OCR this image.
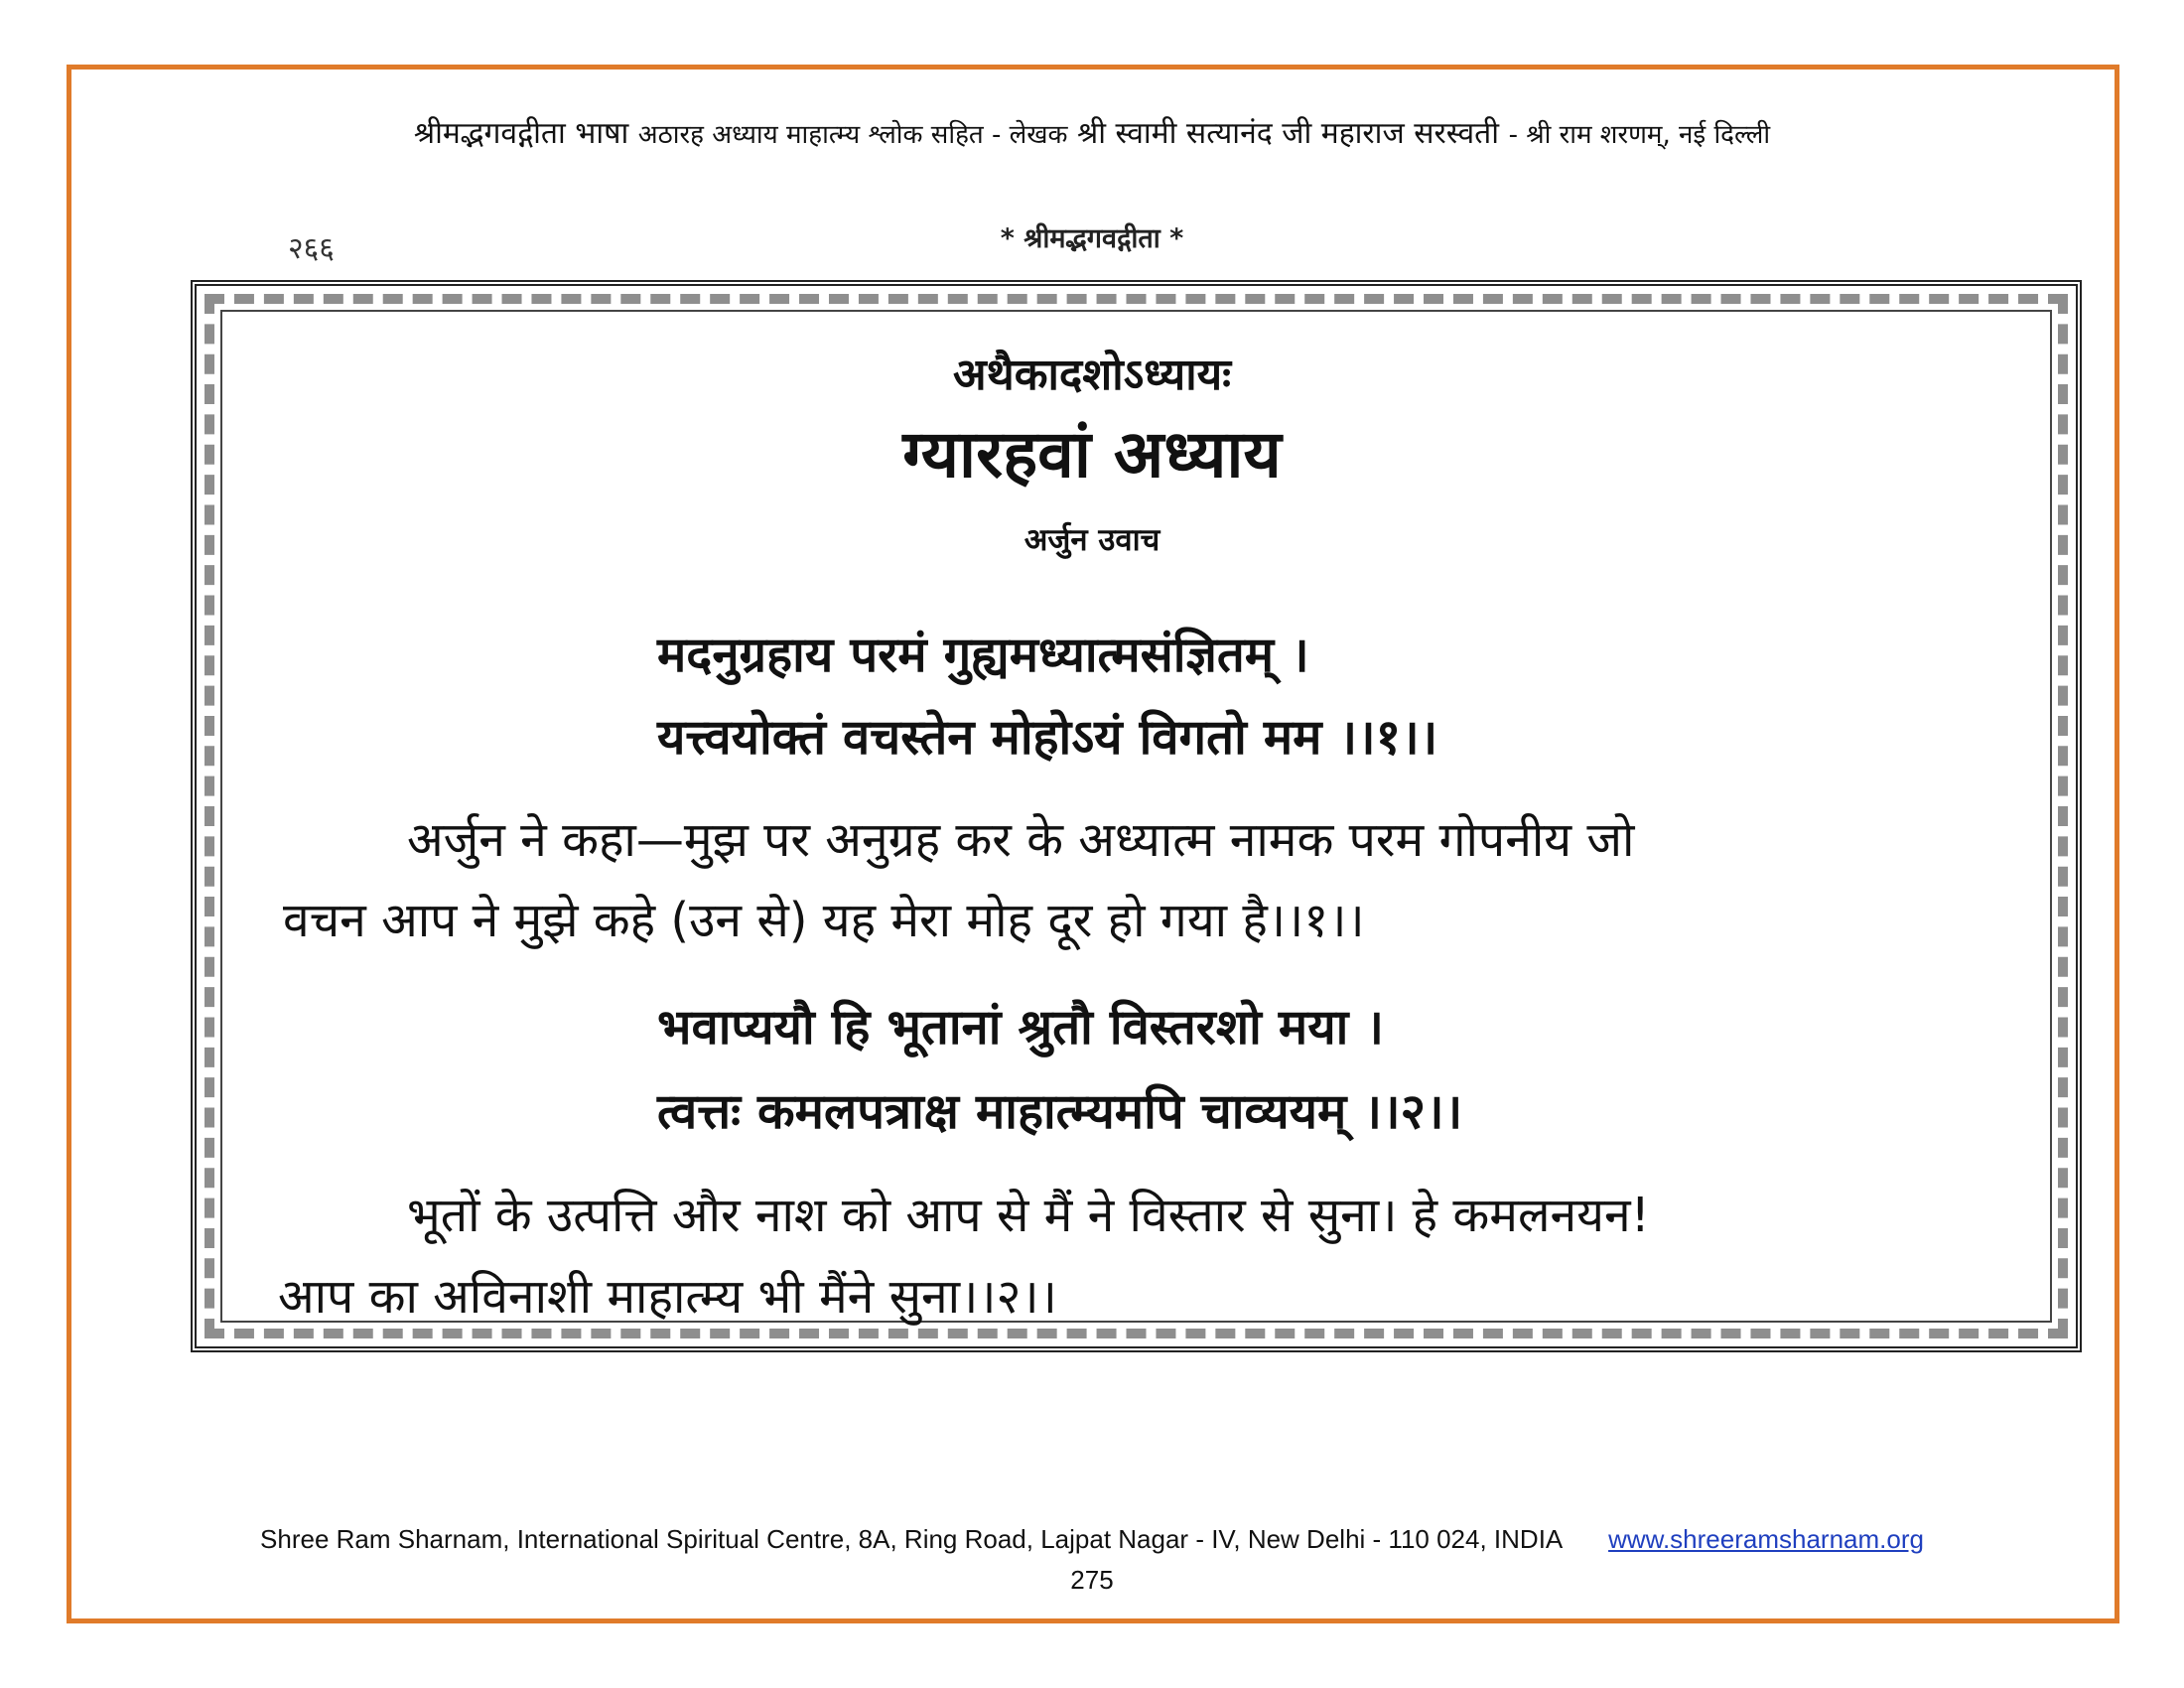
श्रीमद्भगवद्गीता भाषा अठारह अध्याय माहात्म्य श्लोक सहित - लेखक श्री स्वामी सत्यानंद जी महाराज सरस्वती - श्री राम शरणम्, नई दिल्ली
२६६	* श्रीमद्भगवद्गीता *
अथैकादशोऽध्यायः
ग्यारहवां अध्याय
अर्जुन उवाच
मदनुग्रहाय परमं गुह्यमध्यात्मसंज्ञितम् ।
यत्त्वयोक्तं वचस्तेन मोहोऽयं विगतो मम ।।१।।
अर्जुन ने कहा—मुझ पर अनुग्रह कर के अध्यात्म नामक परम गोपनीय जो
वचन आप ने मुझे कहे (उन से) यह मेरा मोह दूर हो गया है।।१।।
भवाप्ययौ हि भूतानां श्रुतौ विस्तरशो मया ।
त्वत्तः कमलपत्राक्ष माहात्म्यमपि चाव्ययम् ।।२।।
भूतों के उत्पत्ति और नाश को आप से मैं ने विस्तार से सुना। हे कमलनयन!
आप का अविनाशी माहात्म्य भी मैंने सुना।।२।।
Shree Ram Sharnam, International Spiritual Centre, 8A, Ring Road, Lajpat Nagar - IV, New Delhi - 110 024, INDIA www.shreeramsharnam.org
275
